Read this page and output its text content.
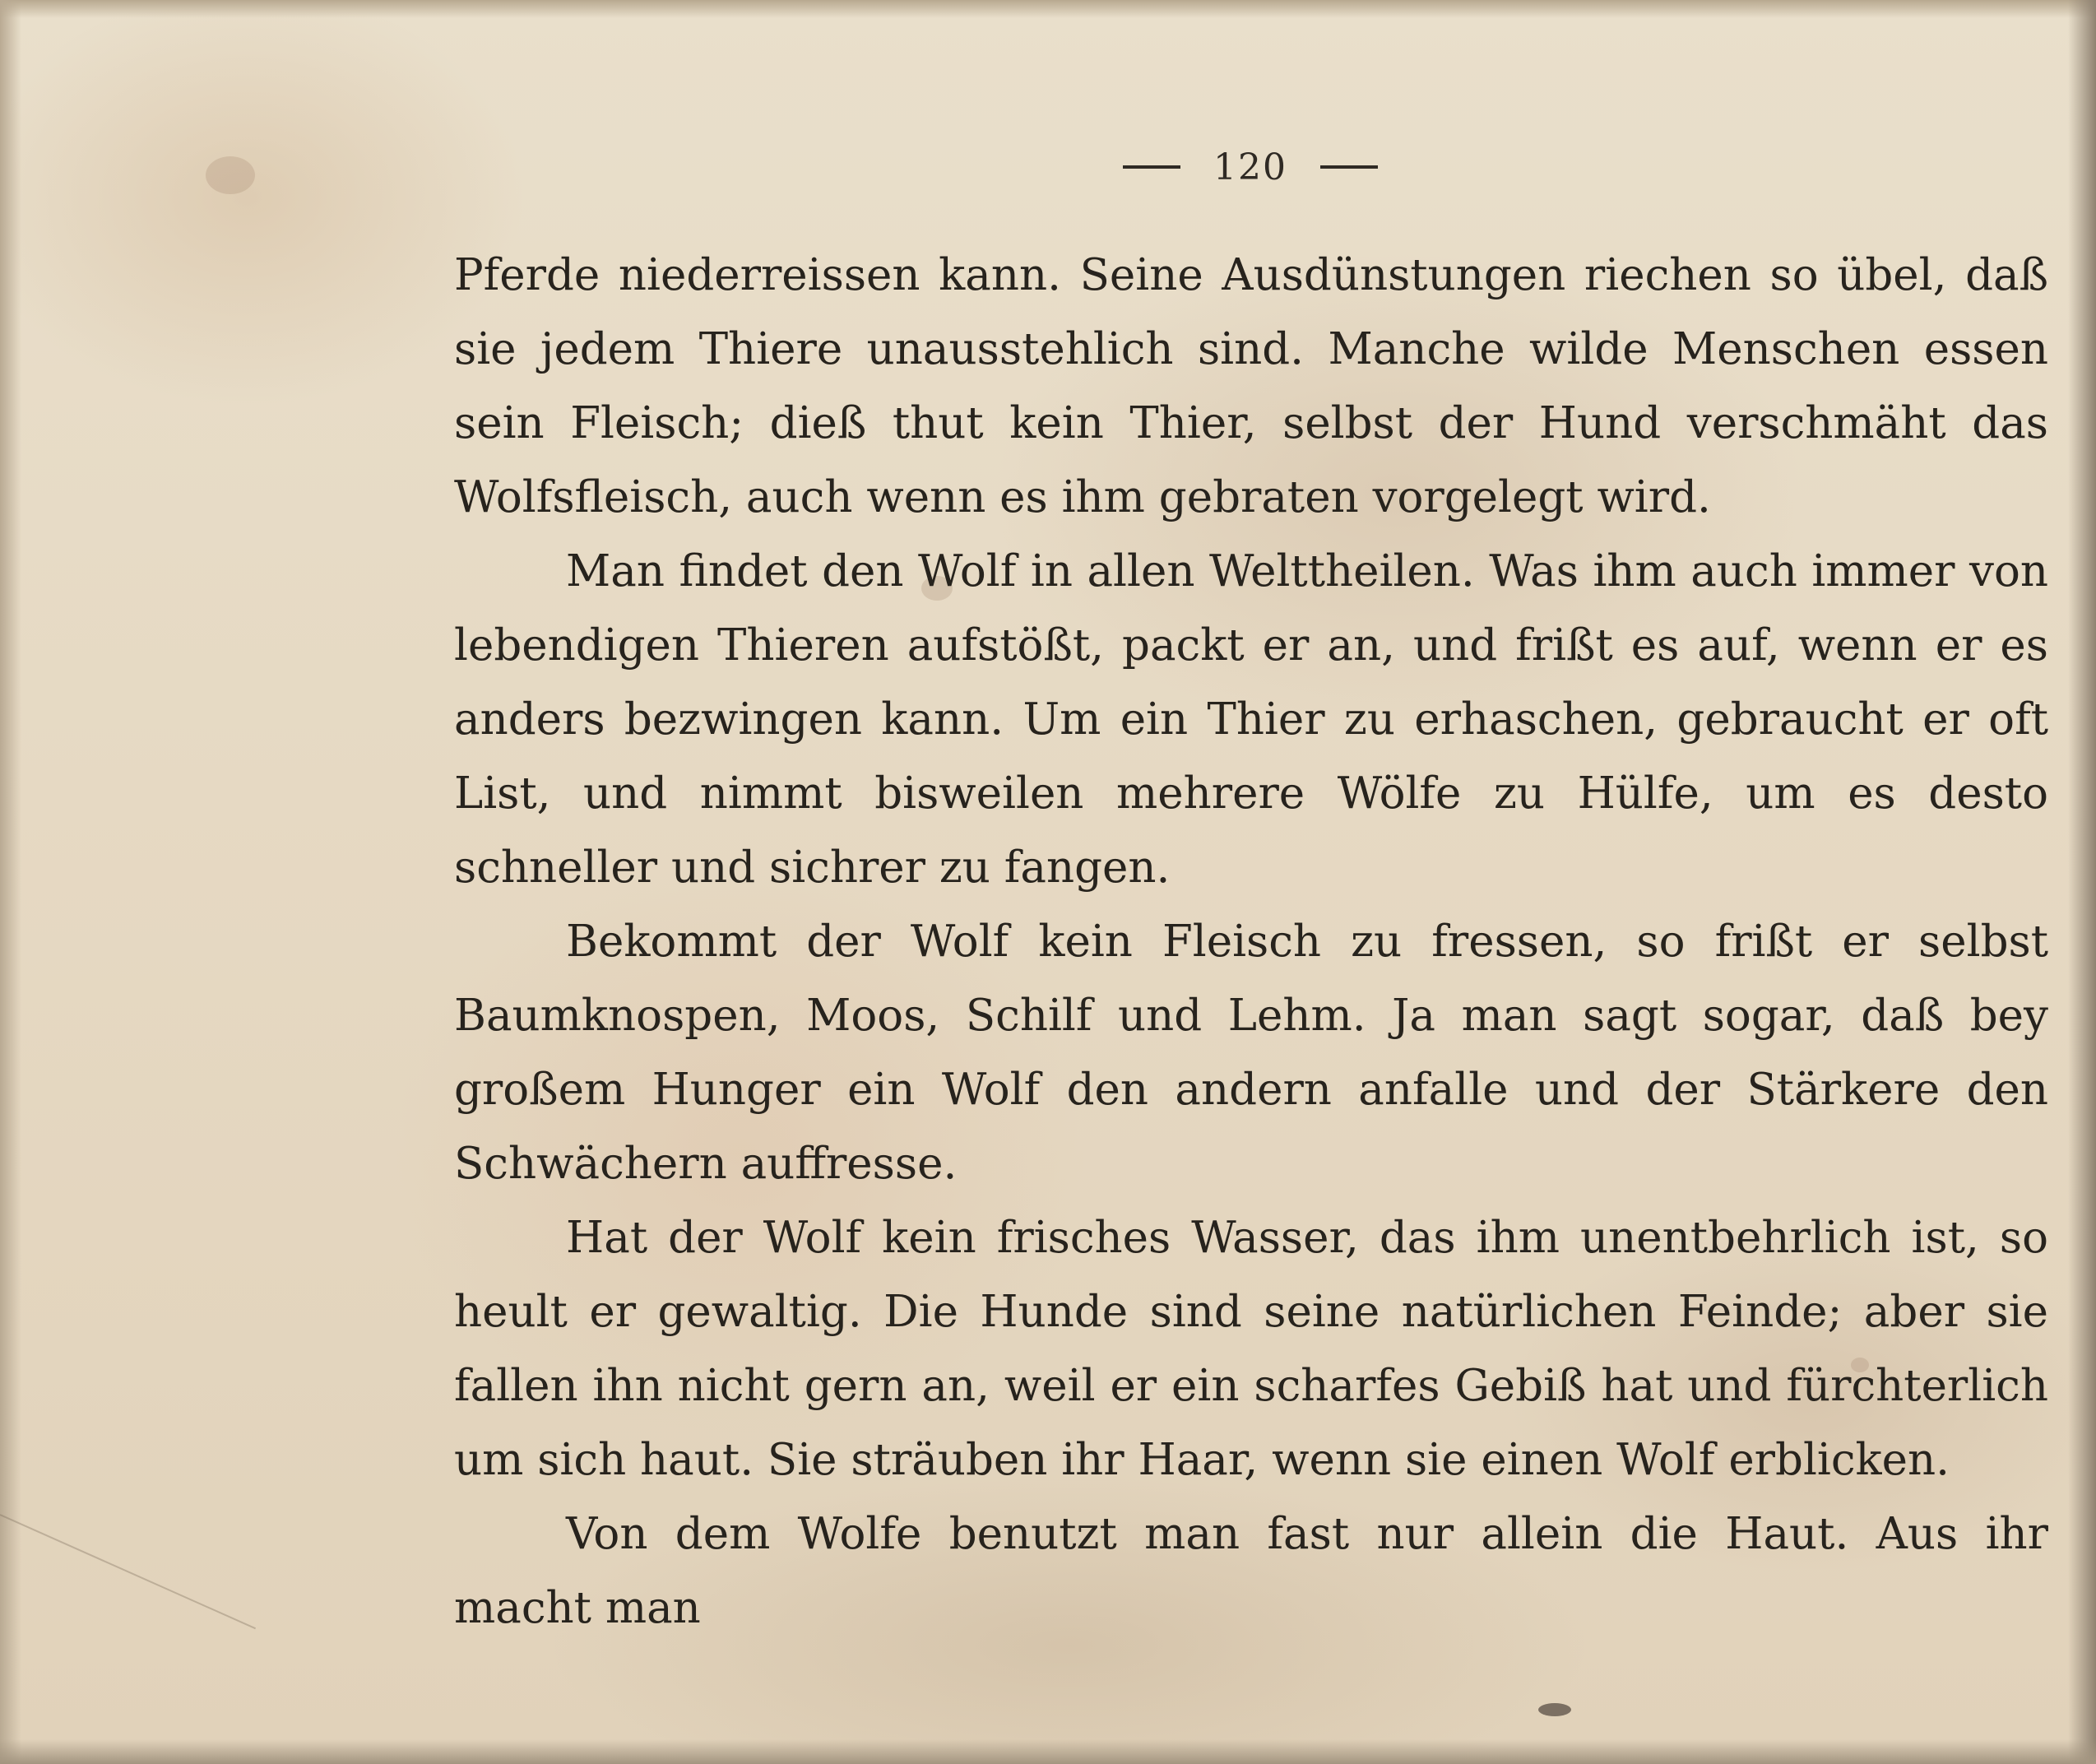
120

Pferde niederreissen kann. Seine Ausdünstungen riechen so übel, daß sie jedem Thiere unausstehlich sind. Manche wilde Menschen essen sein Fleisch; dieß thut kein Thier, selbst der Hund verschmäht das Wolfsfleisch, auch wenn es ihm gebraten vorgelegt wird.

Man findet den Wolf in allen Welttheilen. Was ihm auch immer von lebendigen Thieren aufstößt, packt er an, und frißt es auf, wenn er es anders bezwingen kann. Um ein Thier zu erhaschen, gebraucht er oft List, und nimmt bisweilen mehrere Wölfe zu Hülfe, um es desto schneller und sichrer zu fangen.

Bekommt der Wolf kein Fleisch zu fressen, so frißt er selbst Baumknospen, Moos, Schilf und Lehm. Ja man sagt sogar, daß bey großem Hunger ein Wolf den andern anfalle und der Stärkere den Schwächern auffresse.

Hat der Wolf kein frisches Wasser, das ihm unentbehrlich ist, so heult er gewaltig. Die Hunde sind seine natürlichen Feinde; aber sie fallen ihn nicht gern an, weil er ein scharfes Gebiß hat und fürchterlich um sich haut. Sie sträuben ihr Haar, wenn sie einen Wolf erblicken.

Von dem Wolfe benutzt man fast nur allein die Haut. Aus ihr macht man
